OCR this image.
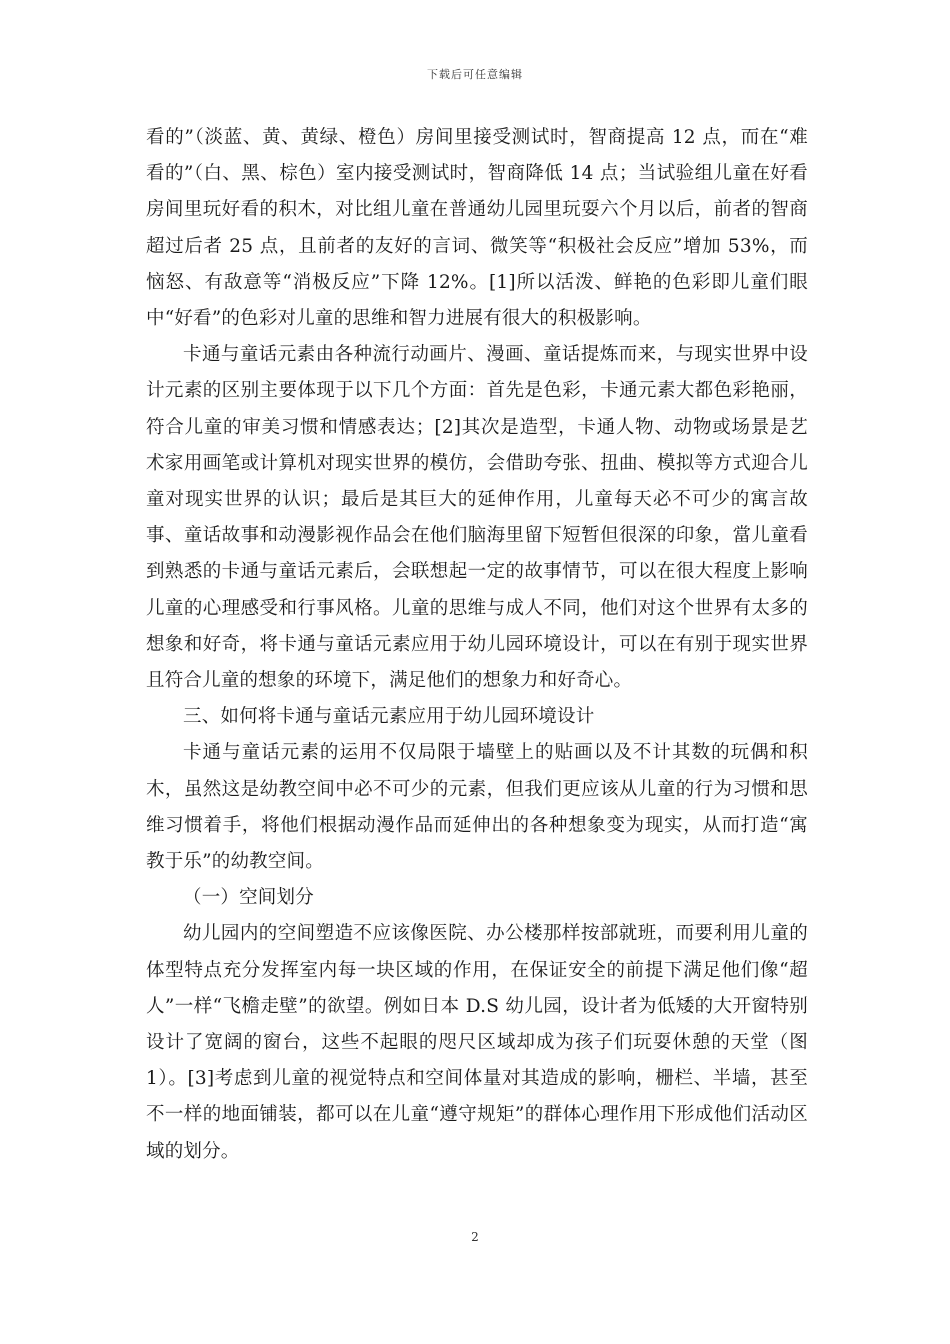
下载后可任意编辑

看的”（淡蓝、黄、黄绿、橙色）房间里接受测试时，智商提高 12 点，而在“难看的”（白、黑、棕色）室内接受测试时，智商降低 14 点；当试验组儿童在好看房间里玩好看的积木，对比组儿童在普通幼儿园里玩耍六个月以后，前者的智商超过后者 25 点，且前者的友好的言词、微笑等“积极社会反应”增加 53%，而恼怒、有敌意等“消极反应”下降 12%。[1]所以活泼、鲜艳的色彩即儿童们眼中“好看”的色彩对儿童的思维和智力进展有很大的积极影响。

卡通与童话元素由各种流行动画片、漫画、童话提炼而来，与现实世界中设计元素的区别主要体现于以下几个方面：首先是色彩，卡通元素大都色彩艳丽，符合儿童的审美习惯和情感表达；[2]其次是造型，卡通人物、动物或场景是艺术家用画笔或计算机对现实世界的模仿，会借助夸张、扭曲、模拟等方式迎合儿童对现实世界的认识；最后是其巨大的延伸作用，儿童每天必不可少的寓言故事、童话故事和动漫影视作品会在他们脑海里留下短暂但很深的印象，當儿童看到熟悉的卡通与童话元素后，会联想起一定的故事情节，可以在很大程度上影响儿童的心理感受和行事风格。儿童的思维与成人不同，他们对这个世界有太多的想象和好奇，将卡通与童话元素应用于幼儿园环境设计，可以在有别于现实世界且符合儿童的想象的环境下，满足他们的想象力和好奇心。

三、如何将卡通与童话元素应用于幼儿园环境设计

卡通与童话元素的运用不仅局限于墙壁上的贴画以及不计其数的玩偶和积木，虽然这是幼教空间中必不可少的元素，但我们更应该从儿童的行为习惯和思维习惯着手，将他们根据动漫作品而延伸出的各种想象变为现实，从而打造“寓教于乐”的幼教空间。

（一）空间划分

幼儿园内的空间塑造不应该像医院、办公楼那样按部就班，而要利用儿童的体型特点充分发挥室内每一块区域的作用，在保证安全的前提下满足他们像“超人”一样“飞檐走壁”的欲望。例如日本 D.S 幼儿园，设计者为低矮的大开窗特别设计了宽阔的窗台，这些不起眼的咫尺区域却成为孩子们玩耍休憩的天堂（图 1）。[3]考虑到儿童的视觉特点和空间体量对其造成的影响，栅栏、半墙，甚至不一样的地面铺装，都可以在儿童“遵守规矩”的群体心理作用下形成他们活动区域的划分。

2
